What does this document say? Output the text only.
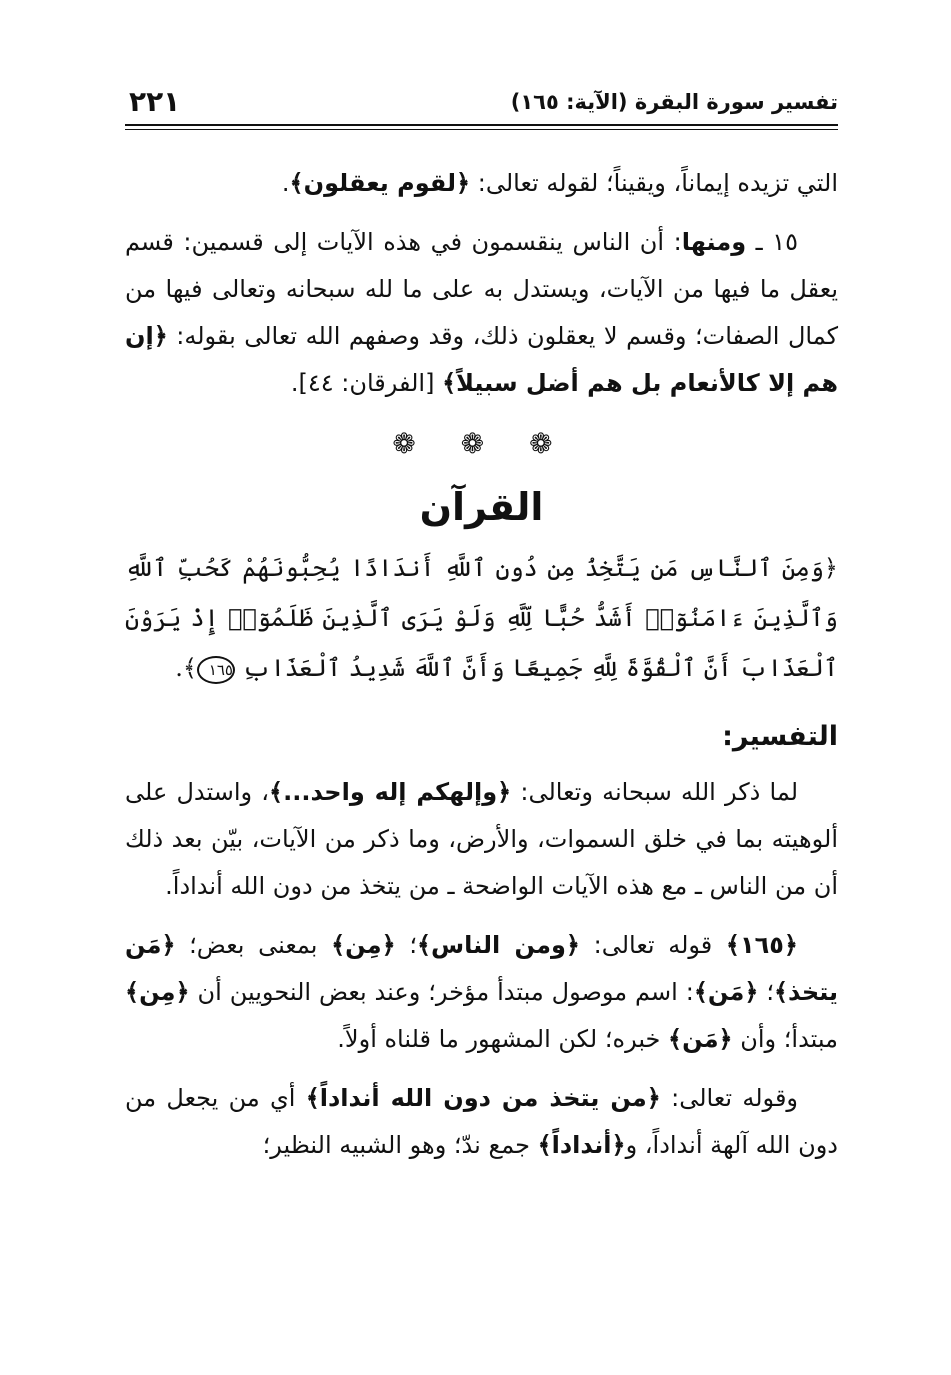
تفسير سورة البقرة (الآية: ١٦٥)
٢٢١

التي تزيده إيماناً، ويقيناً؛ لقوله تعالى: ﴿لقوم يعقلون﴾.

١٥ ـ ومنها: أن الناس ينقسمون في هذه الآيات إلى قسمين: قسم يعقل ما فيها من الآيات، ويستدل به على ما لله سبحانه وتعالى فيها من كمال الصفات؛ وقسم لا يعقلون ذلك، وقد وصفهم الله تعالى بقوله: ﴿إن هم إلا كالأنعام بل هم أضل سبيلاً﴾ [الفرقان: ٤٤].

❁ ❁ ❁
القرآن
﴿وَمِنَ ٱلنَّاسِ مَن يَتَّخِذُ مِن دُونِ ٱللَّهِ أَندَادًا يُحِبُّونَهُمْ كَحُبِّ ٱللَّهِ وَٱلَّذِينَ ءَامَنُوٓا۟ أَشَدُّ حُبًّا لِّلَّهِ وَلَوْ يَرَى ٱلَّذِينَ ظَلَمُوٓا۟ إِذْ يَرَوْنَ ٱلْعَذَابَ أَنَّ ٱلْقُوَّةَ لِلَّهِ جَمِيعًا وَأَنَّ ٱللَّهَ شَدِيدُ ٱلْعَذَابِ ١٦٥﴾.
التفسير:

لما ذكر الله سبحانه وتعالى: ﴿وإلهكم إله واحد...﴾، واستدل على ألوهيته بما في خلق السموات، والأرض، وما ذكر من الآيات، بيّن بعد ذلك أن من الناس ـ مع هذه الآيات الواضحة ـ من يتخذ من دون الله أنداداً.

﴿١٦٥﴾ قوله تعالى: ﴿ومن الناس﴾؛ ﴿مِن﴾ بمعنى بعض؛ ﴿مَن يتخذ﴾؛ ﴿مَن﴾: اسم موصول مبتدأ مؤخر؛ وعند بعض النحويين أن ﴿مِن﴾ مبتدأ؛ وأن ﴿مَن﴾ خبره؛ لكن المشهور ما قلناه أولاً.

وقوله تعالى: ﴿من يتخذ من دون الله أنداداً﴾ أي من يجعل من دون الله آلهة أنداداً، و﴿أنداداً﴾ جمع ندّ؛ وهو الشبيه النظير؛
